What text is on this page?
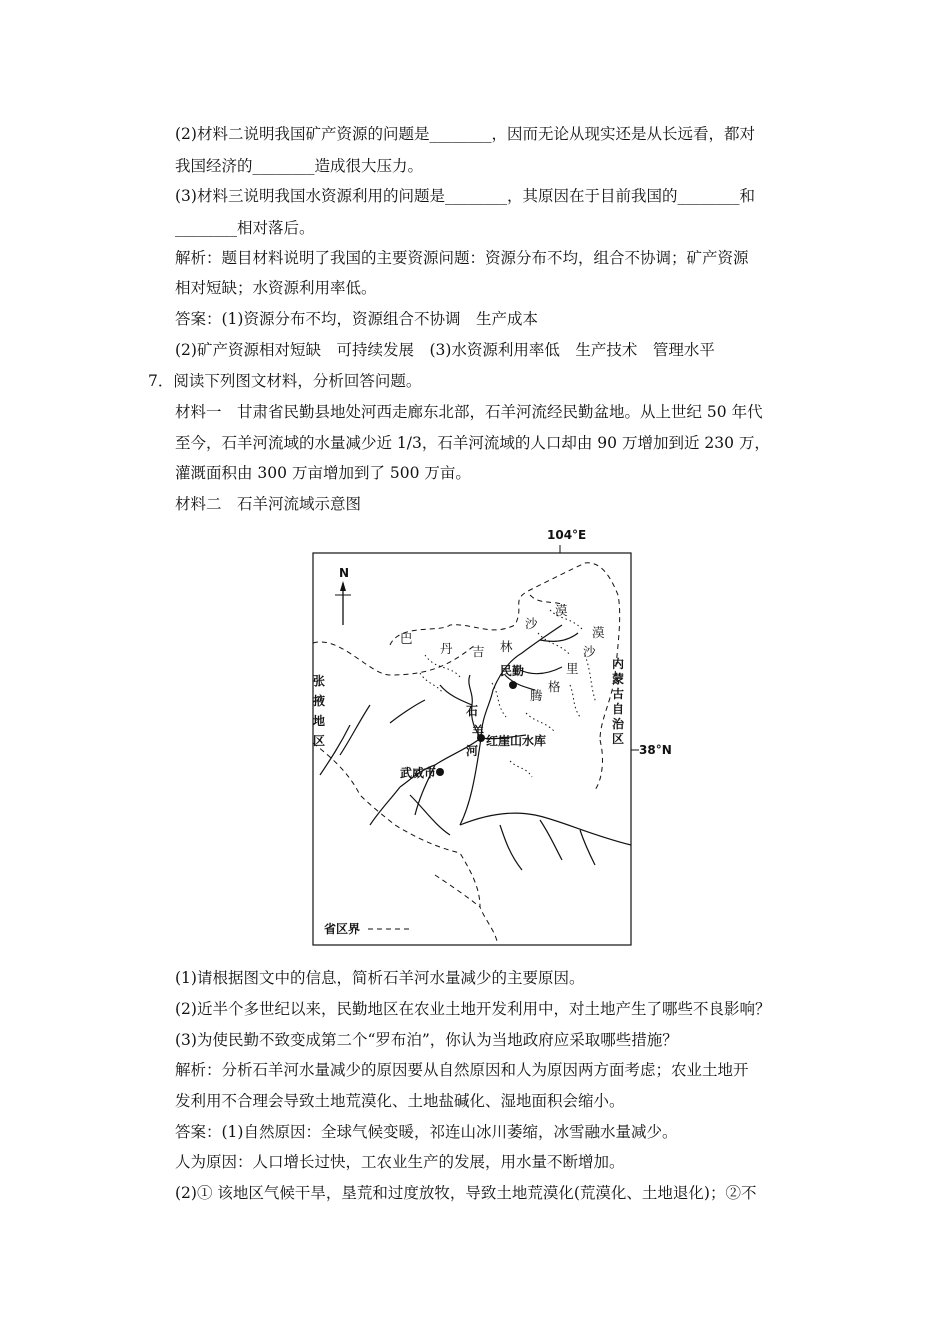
(2)材料二说明我国矿产资源的问题是________，因而无论从现实还是从长远看，都对

我国经济的________造成很大压力。

(3)材料三说明我国水资源利用的问题是________，其原因在于目前我国的________和

________相对落后。

解析：题目材料说明了我国的主要资源问题：资源分布不均，组合不协调；矿产资源

相对短缺；水资源利用率低。

答案：(1)资源分布不均，资源组合不协调　生产成本

(2)矿产资源相对短缺　可持续发展　(3)水资源利用率低　生产技术　管理水平

7．阅读下列图文材料，分析回答问题。

材料一　甘肃省民勤县地处河西走廊东北部，石羊河流经民勤盆地。从上世纪 50 年代

至今，石羊河流域的水量减少近 1/3，石羊河流域的人口却由 90 万增加到近 230 万，

灌溉面积由 300 万亩增加到了 500 万亩。

材料二　石羊河流域示意图

104°E
38°N
N
巴
丹 吉 林
沙
漠
腾
格
里
沙
漠
民勤
红崖山水库
石
羊
河
武威市
张
掖
地
区
内
蒙
古
自
治
区
省区界

(1)请根据图文中的信息，简析石羊河水量减少的主要原因。

(2)近半个多世纪以来，民勤地区在农业土地开发利用中，对土地产生了哪些不良影响？

(3)为使民勤不致变成第二个“罗布泊”，你认为当地政府应采取哪些措施？

解析：分析石羊河水量减少的原因要从自然原因和人为原因两方面考虑；农业土地开

发利用不合理会导致土地荒漠化、土地盐碱化、湿地面积会缩小。

答案：(1)自然原因：全球气候变暖，祁连山冰川萎缩，冰雪融水量减少。

人为原因：人口增长过快，工农业生产的发展，用水量不断增加。

(2)① 该地区气候干旱，垦荒和过度放牧，导致土地荒漠化(荒漠化、土地退化)；②不
